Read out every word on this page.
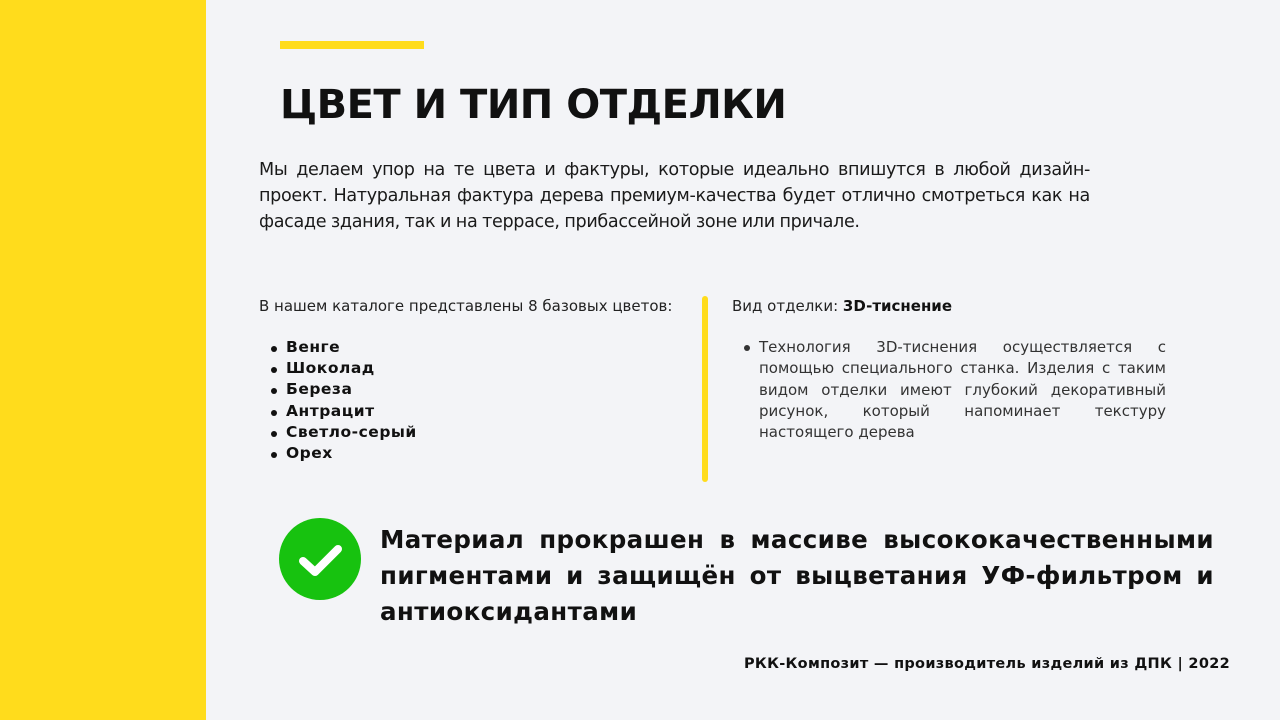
ЦВЕТ И ТИП ОТДЕЛКИ

Мы делаем упор на те цвета и фактуры, которые идеально впишутся в любой дизайн-проект. Натуральная фактура дерева премиум-качества будет отлично смотреться как на фасаде здания, так и на террасе, прибассейной зоне или причале.

В нашем каталоге представлены 8 базовых цветов:

Венге
Шоколад
Береза
Антрацит
Светло-серый
Орех

Вид отделки: 3D-тиснение

Технология 3D-тиснения осуществляется с помощью специального станка. Изделия с таким видом отделки имеют глубокий декоративный рисунок, который напоминает текстуру настоящего дерева

Материал прокрашен в массиве высококачественными пигментами и защищён от выцветания УФ-фильтром и антиоксидантами

РКК-Композит — производитель изделий из ДПК | 2022
